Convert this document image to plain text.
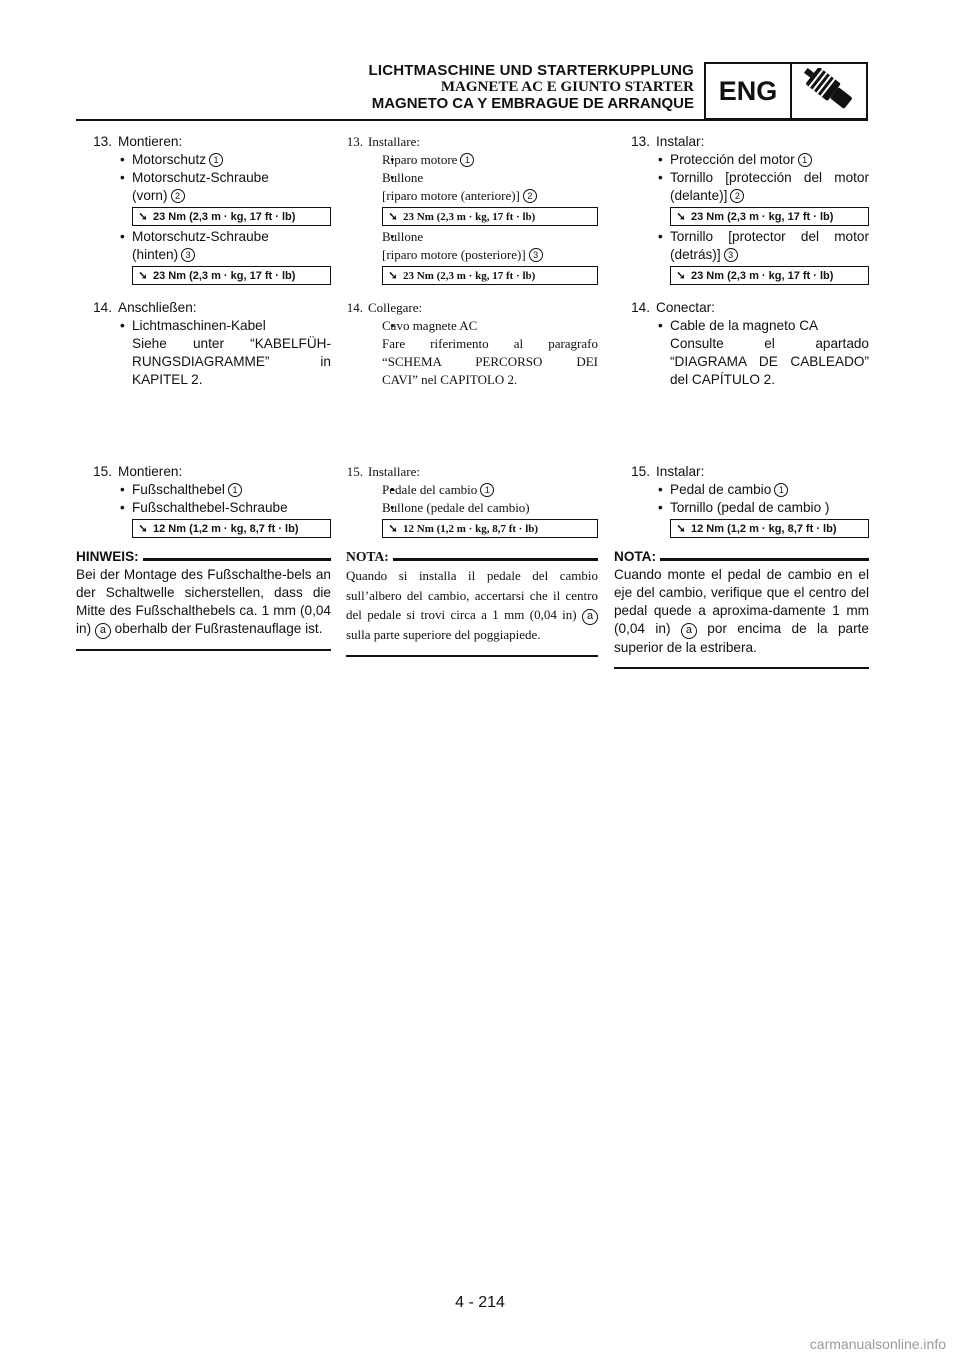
LICHTMASCHINE UND STARTERKUPPLUNG
MAGNETE AC E GIUNTO STARTER
MAGNETO CA Y EMBRAGUE DE ARRANQUE ENG
13. Montieren:
• Motorschutz 1
• Motorschutz-Schraube
(vorn) 2
➘ 23 Nm (2,3 m · kg, 17 ft · lb)
• Motorschutz-Schraube
(hinten) 3
➘ 23 Nm (2,3 m · kg, 17 ft · lb)
14. Anschließen:
• Lichtmaschinen-Kabel
Siehe unter “KABELFÜH-
RUNGSDIAGRAMME” in
KAPITEL 2.
15. Montieren:
• Fußschalthebel 1
• Fußschalthebel-Schraube
➘ 12 Nm (1,2 m · kg, 8,7 ft · lb)
HINWEIS:
Bei der Montage des Fußschalthe-bels an der Schaltwelle sicherstellen, dass die Mitte des Fußschalthebels ca. 1 mm (0,04 in) a oberhalb der Fußrastenauflage ist.
13. Installare:
• Riparo motore 1
• Bullone
[riparo motore (anteriore)] 2
➘ 23 Nm (2,3 m · kg, 17 ft · lb)
• Bullone
[riparo motore (posteriore)] 3
➘ 23 Nm (2,3 m · kg, 17 ft · lb)
14. Collegare:
• Cavo magnete AC
Fare riferimento al paragrafo
“SCHEMA PERCORSO DEI
CAVI” nel CAPITOLO 2.
15. Installare:
• Pedale del cambio 1
• Bullone (pedale del cambio)
➘ 12 Nm (1,2 m · kg, 8,7 ft · lb)
NOTA:
Quando si installa il pedale del cambio sull’albero del cambio, accertarsi che il centro del pedale si trovi circa a 1 mm (0,04 in) a sulla parte superiore del poggiapiede.
13. Instalar:
• Protección del motor 1
• Tornillo [protección del motor
(delante)] 2
➘ 23 Nm (2,3 m · kg, 17 ft · lb)
• Tornillo [protector del motor
(detrás)] 3
➘ 23 Nm (2,3 m · kg, 17 ft · lb)
14. Conectar:
• Cable de la magneto CA
Consulte el apartado
“DIAGRAMA DE CABLEADO”
del CAPÍTULO 2.
15. Instalar:
• Pedal de cambio 1
• Tornillo (pedal de cambio )
➘ 12 Nm (1,2 m · kg, 8,7 ft · lb)
NOTA:
Cuando monte el pedal de cambio en el eje del cambio, verifique que el centro del pedal quede a aproxima-damente 1 mm (0,04 in) a por encima de la parte superior de la estribera.
4 - 214
carmanualsonline.info
